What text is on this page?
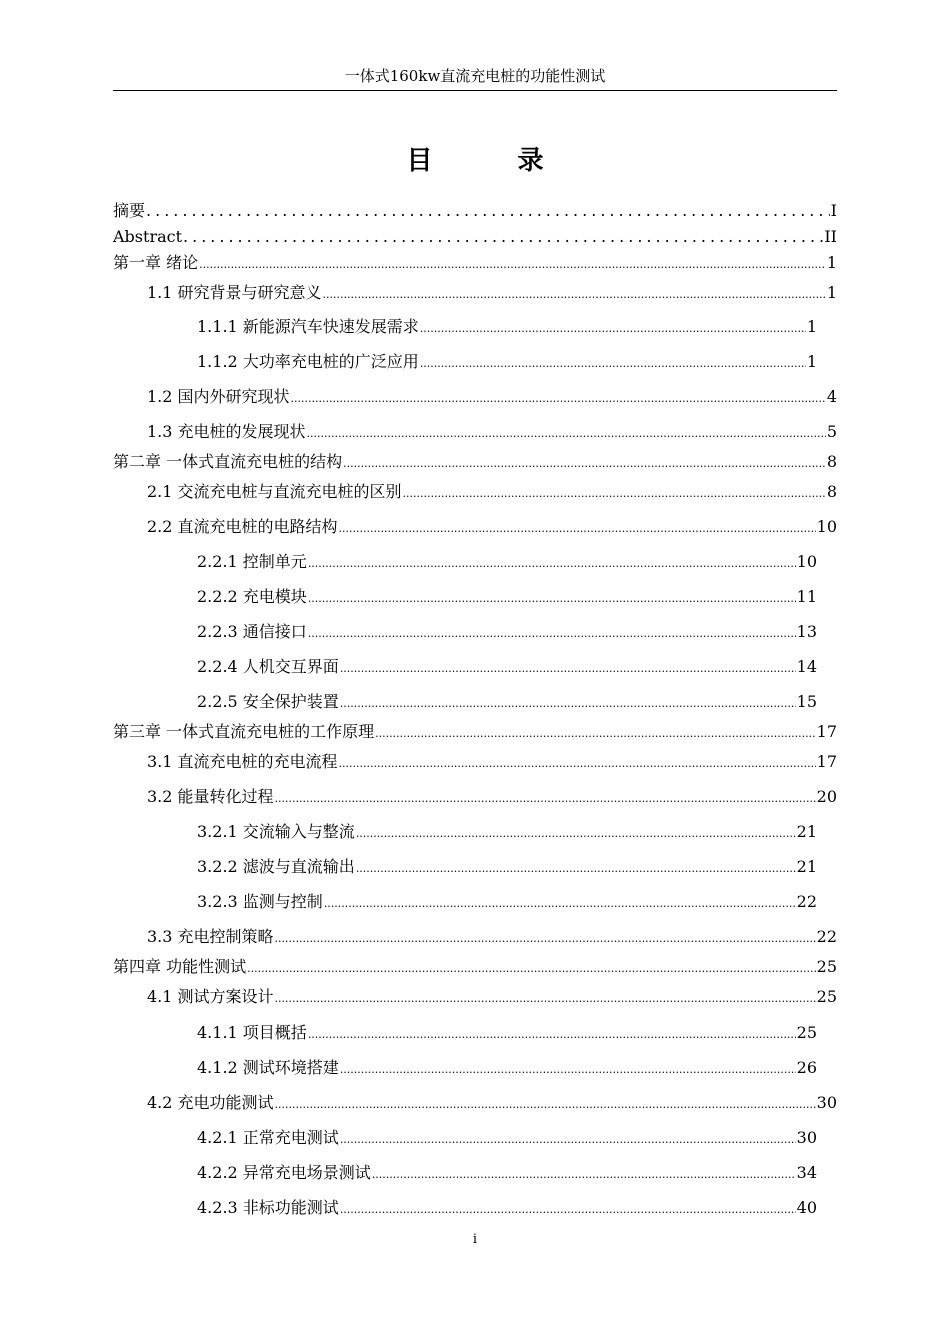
一体式160kw直流充电桩的功能性测试
目 录
摘要 .....	I
Abstract .....	II
第一章 绪论 .....	1
1.1 研究背景与研究意义 .....	1
1.1.1 新能源汽车快速发展需求 .....	1
1.1.2 大功率充电桩的广泛应用 .....	1
1.2 国内外研究现状 .....	4
1.3 充电桩的发展现状 .....	5
第二章 一体式直流充电桩的结构 .....	8
2.1 交流充电桩与直流充电桩的区别 .....	8
2.2 直流充电桩的电路结构 .....	10
2.2.1 控制单元 .....	10
2.2.2 充电模块 .....	11
2.2.3 通信接口 .....	13
2.2.4 人机交互界面 .....	14
2.2.5 安全保护装置 .....	15
第三章 一体式直流充电桩的工作原理 .....	17
3.1 直流充电桩的充电流程 .....	17
3.2 能量转化过程 .....	20
3.2.1 交流输入与整流 .....	21
3.2.2 滤波与直流输出 .....	21
3.2.3 监测与控制 .....	22
3.3 充电控制策略 .....	22
第四章 功能性测试 .....	25
4.1 测试方案设计 .....	25
4.1.1 项目概括 .....	25
4.1.2 测试环境搭建 .....	26
4.2 充电功能测试 .....	30
4.2.1 正常充电测试 .....	30
4.2.2 异常充电场景测试 .....	34
4.2.3 非标功能测试 .....	40
i
